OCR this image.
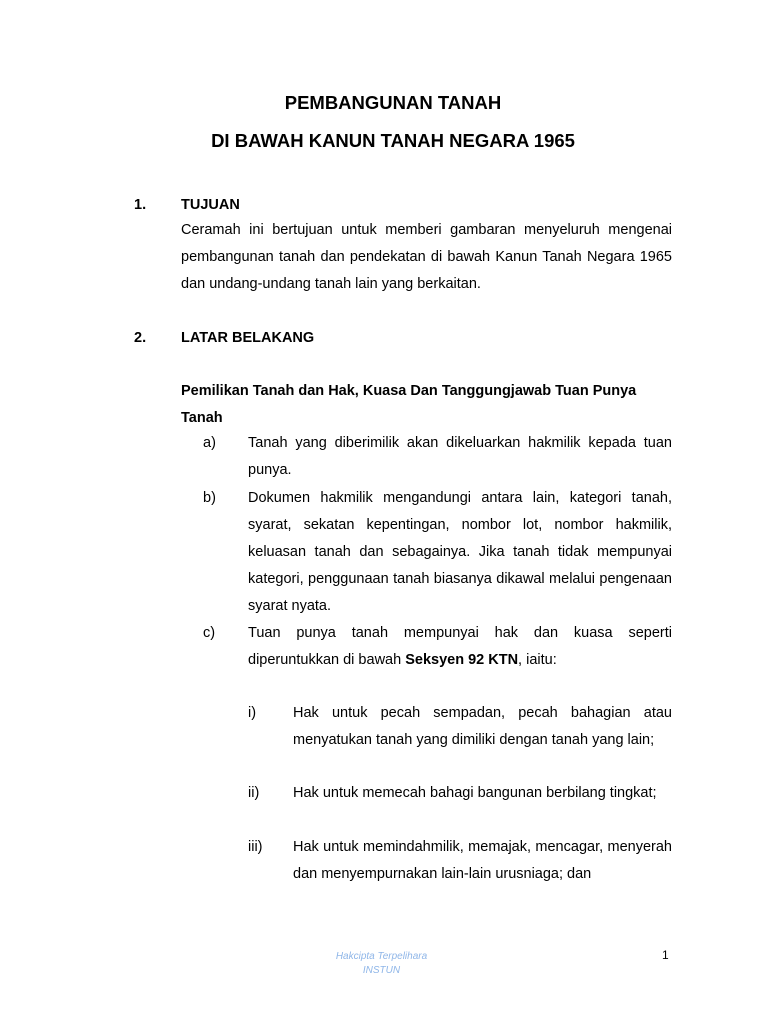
PEMBANGUNAN TANAH
DI BAWAH KANUN TANAH NEGARA 1965
1. TUJUAN

Ceramah ini bertujuan untuk memberi gambaran menyeluruh mengenai pembangunan tanah dan pendekatan di bawah Kanun Tanah Negara 1965 dan undang-undang tanah lain yang berkaitan.

2. LATAR BELAKANG

Pemilikan Tanah dan Hak, Kuasa Dan Tanggungjawab Tuan Punya Tanah

a) Tanah yang diberimilik akan dikeluarkan hakmilik kepada tuan punya.

b) Dokumen hakmilik mengandungi antara lain, kategori tanah, syarat, sekatan kepentingan, nombor lot, nombor hakmilik, keluasan tanah dan sebagainya. Jika tanah tidak mempunyai kategori, penggunaan tanah biasanya dikawal melalui pengenaan syarat nyata.

c) Tuan punya tanah mempunyai hak dan kuasa seperti diperuntukkan di bawah Seksyen 92 KTN, iaitu:

i)	Hak untuk pecah sempadan, pecah bahagian atau menyatukan tanah yang dimiliki dengan tanah yang lain;

ii) Hak untuk memecah bahagi bangunan berbilang tingkat;

iii) Hak untuk memindahmilik, memajak, mencagar, menyerah dan menyempurnakan lain-lain urusniaga; dan

Hakcipta Terpelihara
INSTUN
1
